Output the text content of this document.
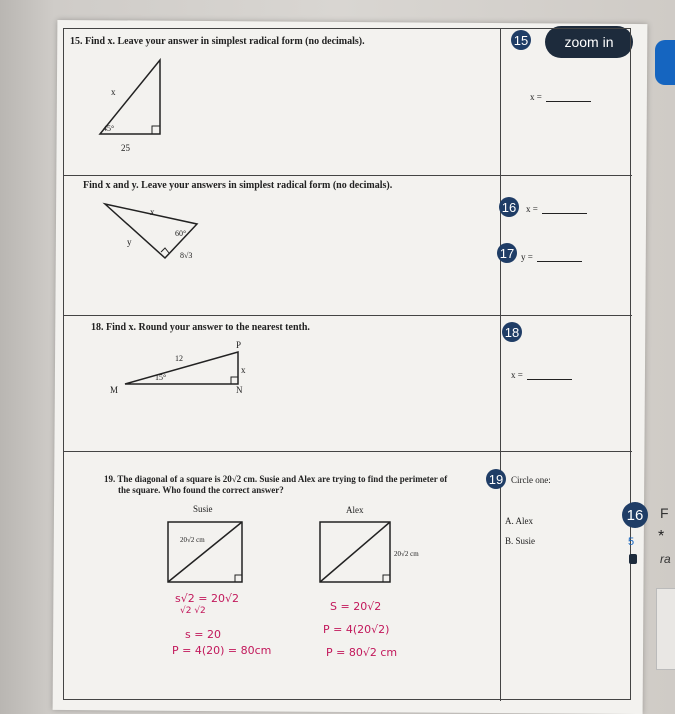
zoom in
15. Find x. Leave your answer in simplest radical form (no decimals).	15
x
45°
25
x =
Find x and y. Leave your answers in simplest radical form (no decimals).
x
y
60°
8√3
16	x =
17 y =
18. Find x. Round your answer to the nearest tenth.	18
P
M	N
12
15°
x	x =
19. The diagonal of a square is 20√2 cm. Susie and Alex are trying to find the perimeter of
the square. Who found the correct answer?
19 Circle one:
A. Alex
B. Susie
Susie	Alex
20√2 cm
20√2 cm
s√2 = 20√2
√2 √2
s = 20
P = 4(20) = 80cm
S = 20√2
P = 4(20√2)
P = 80√2 cm
16	F
*
5
ra
